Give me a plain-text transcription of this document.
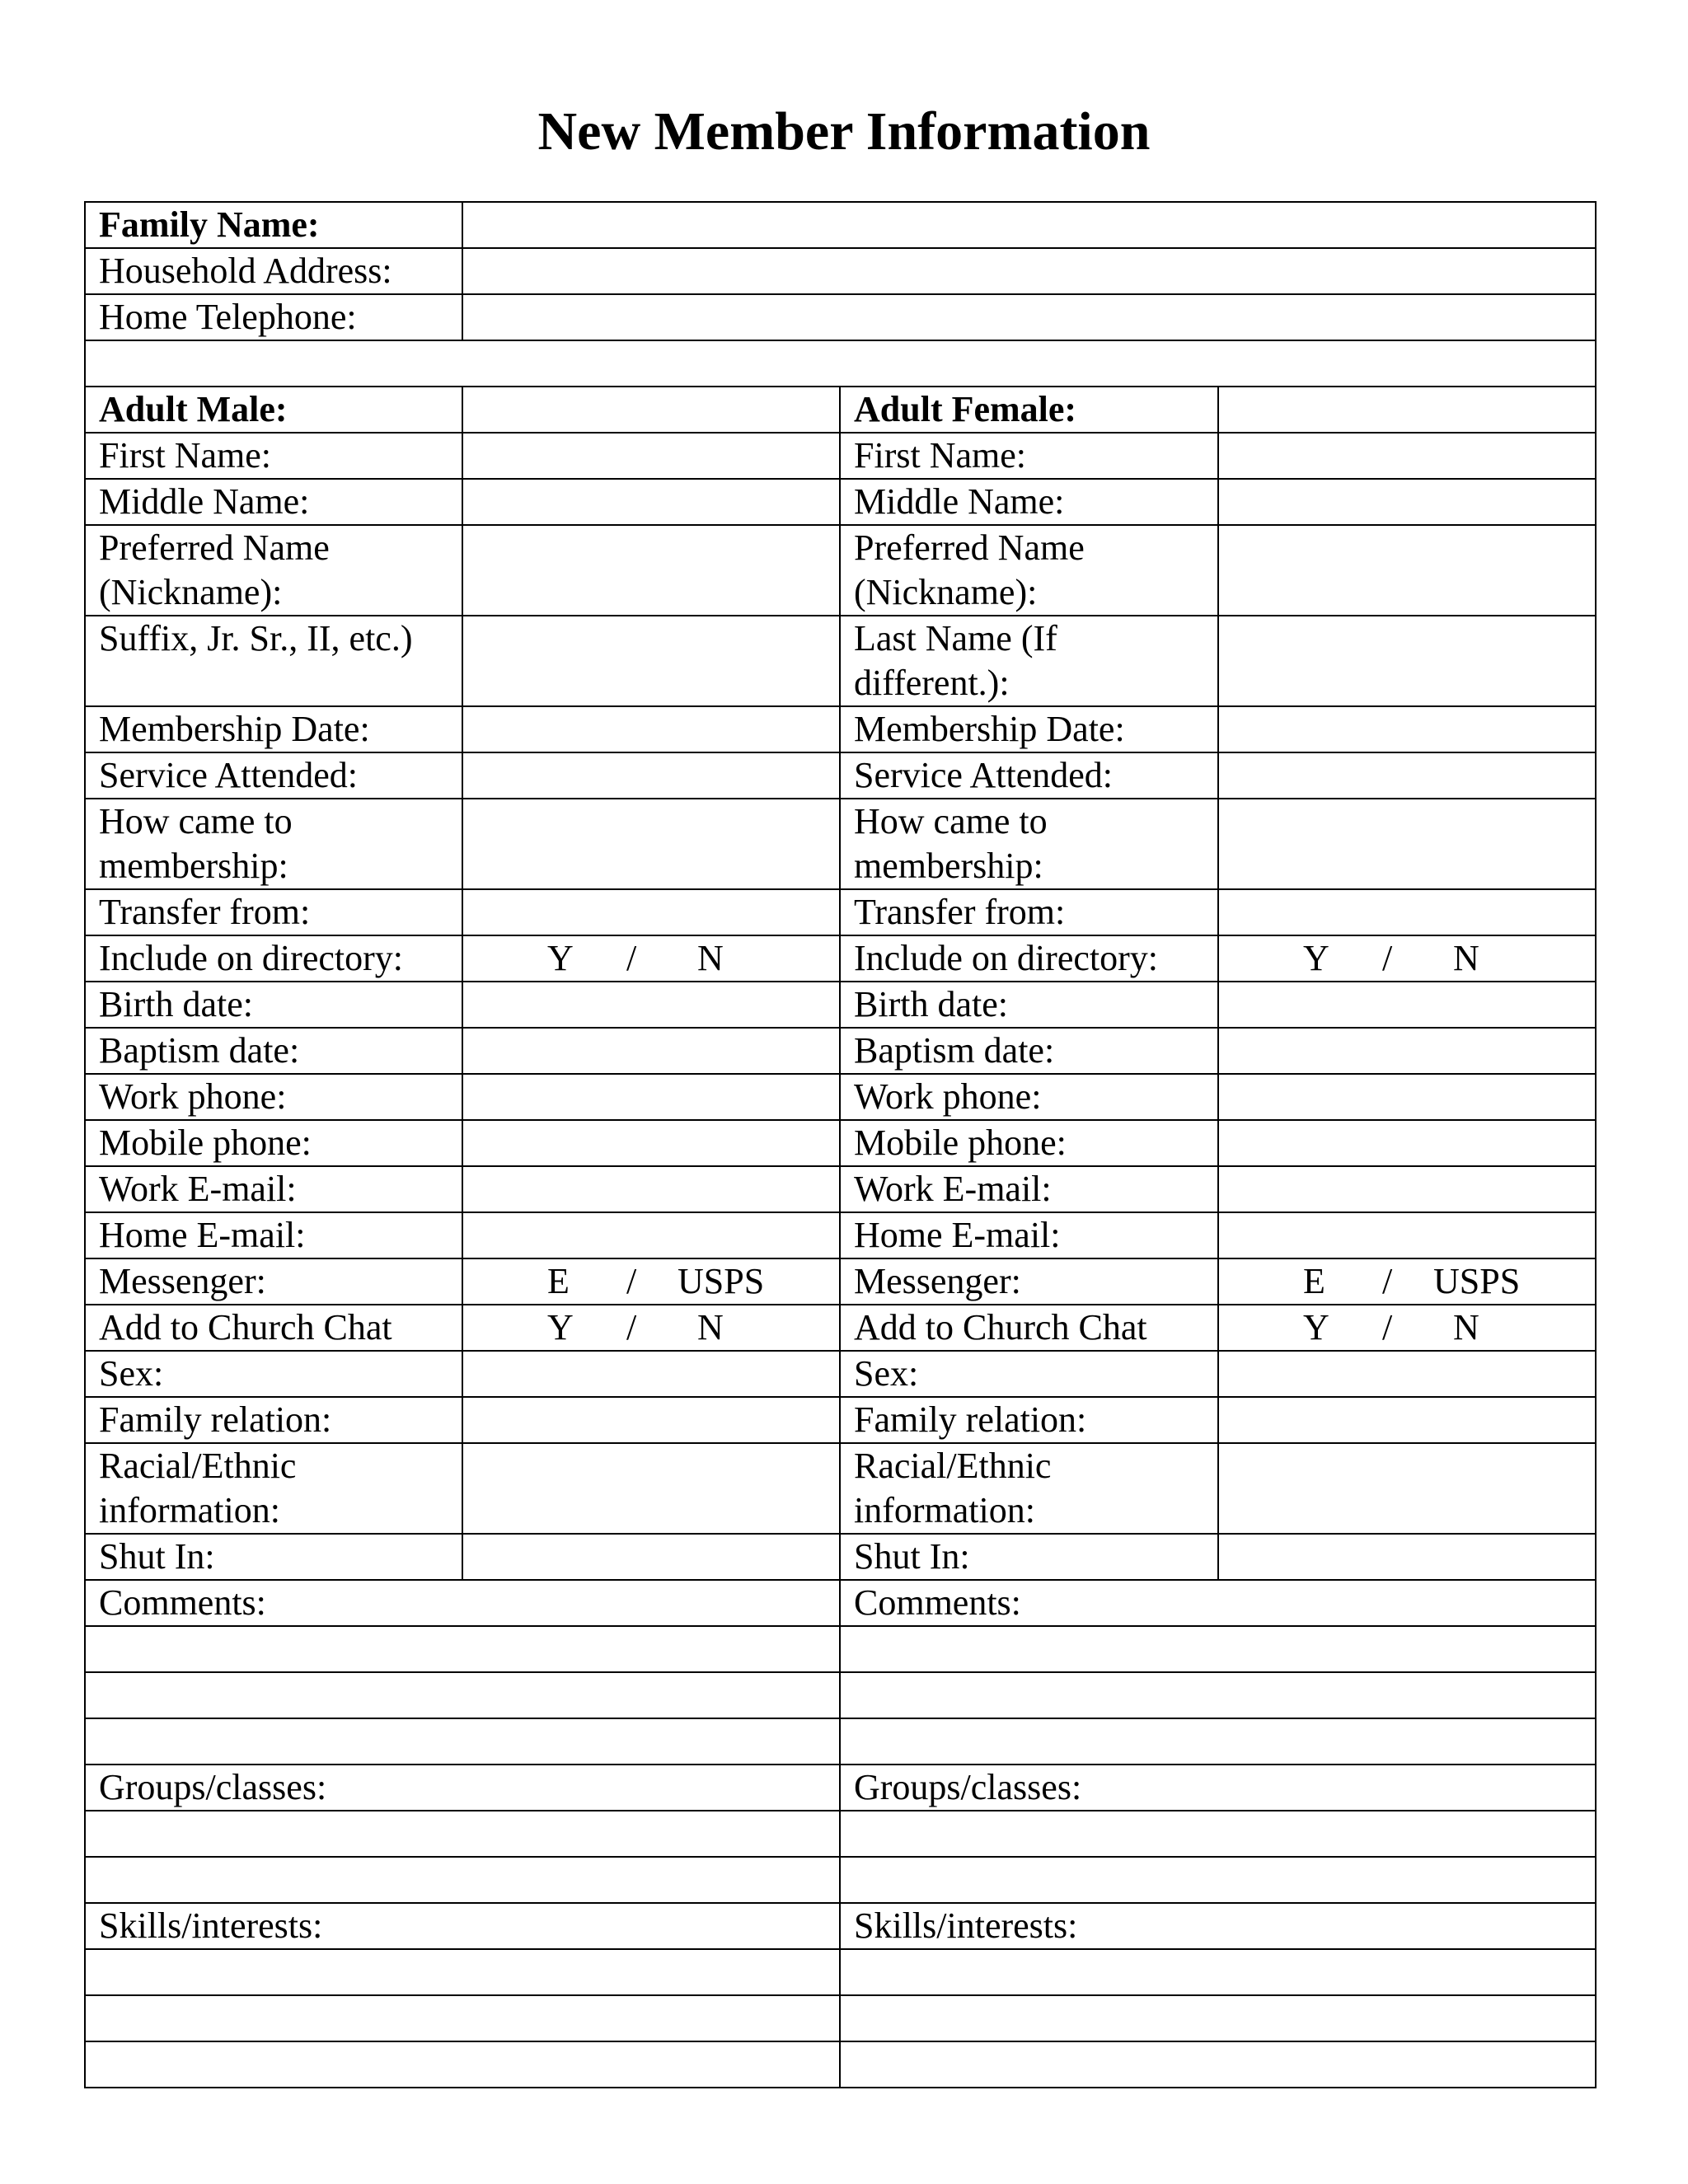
New Member Information
Family Name:			
Household Address:			
Home Telephone:			

Adult Male:		Adult Female:	
First Name:		First Name:	
Middle Name:		Middle Name:	
Preferred Name (Nickname):		Preferred Name (Nickname):	
Suffix, Jr. Sr., II, etc.)		Last Name (If different.):	
Membership Date:		Membership Date:	
Service Attended:		Service Attended:	
How came to membership:		How came to membership:	
Transfer from:		Transfer from:	
Include on directory:	Y / N	Include on directory:	Y / N

Birth date:		Birth date:	
Baptism date:		Baptism date:	
Work phone:		Work phone:	
Mobile phone:		Mobile phone:	
Work E-mail:		Work E-mail:	
Home E-mail:		Home E-mail:	
Messenger:	E / USPS	Messenger:	E / USPS

Add to Church Chat	Y / N	Add to Church Chat	Y / N

Sex:		Sex:	
Family relation:		Family relation:	
Racial/Ethnic information:		Racial/Ethnic information:	
Shut In:		Shut In:	
Comments:		Comments:	

Groups/classes:		Groups/classes:	

Skills/interests:		Skills/interests:	
